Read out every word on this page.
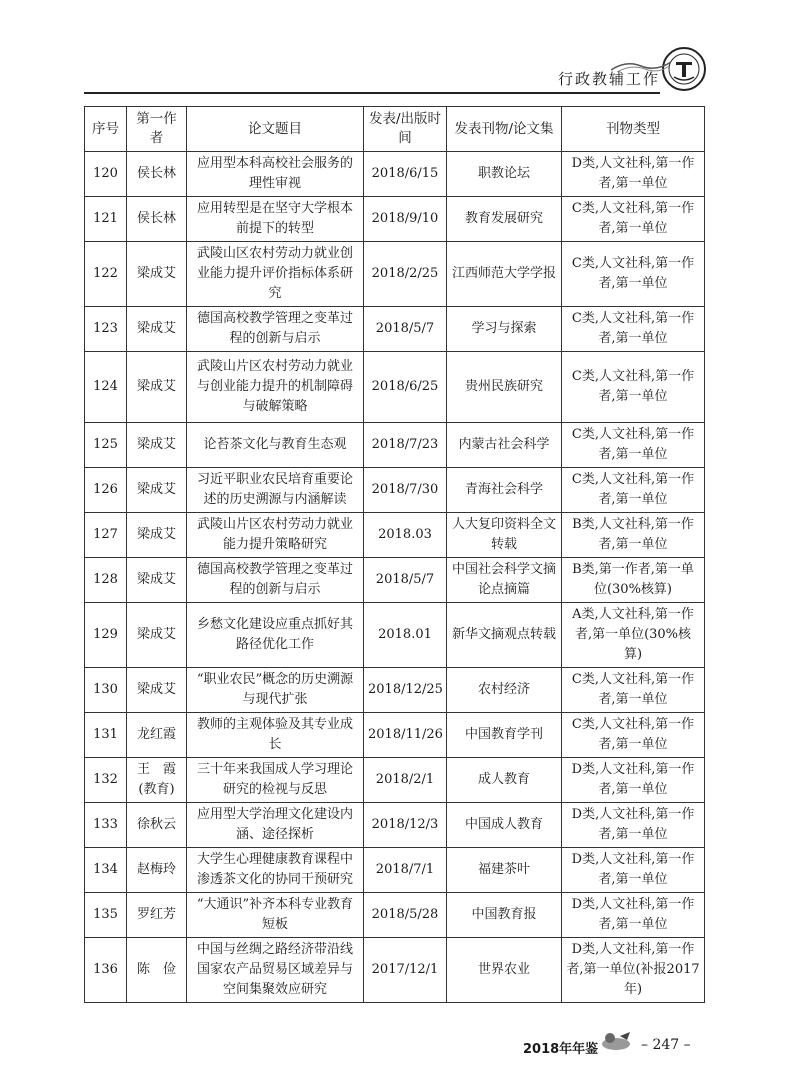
行政教辅工作
序号	第一作者	论文题目	发表/出版时间	发表刊物/论文集	刊物类型
120	侯长林	应用型本科高校社会服务的理性审视	2018/6/15	职教论坛	D类,人文社科,第一作者,第一单位
121	侯长林	应用转型是在坚守大学根本前提下的转型	2018/9/10	教育发展研究	C类,人文社科,第一作者,第一单位
122	梁成艾	武陵山区农村劳动力就业创业能力提升评价指标体系研究	2018/2/25	江西师范大学学报	C类,人文社科,第一作者,第一单位
123	梁成艾	德国高校教学管理之变革过程的创新与启示	2018/5/7	学习与探索	C类,人文社科,第一作者,第一单位
124	梁成艾	武陵山片区农村劳动力就业与创业能力提升的机制障碍与破解策略	2018/6/25	贵州民族研究	C类,人文社科,第一作者,第一单位
125	梁成艾	论苔茶文化与教育生态观	2018/7/23	内蒙古社会科学	C类,人文社科,第一作者,第一单位
126	梁成艾	习近平职业农民培育重要论述的历史溯源与内涵解读	2018/7/30	青海社会科学	C类,人文社科,第一作者,第一单位
127	梁成艾	武陵山片区农村劳动力就业能力提升策略研究	2018.03	人大复印资料全文转载	B类,人文社科,第一作者,第一单位
128	梁成艾	德国高校教学管理之变革过程的创新与启示	2018/5/7	中国社会科学文摘论点摘篇	B类,第一作者,第一单位(30%核算)
129	梁成艾	乡愁文化建设应重点抓好其路径优化工作	2018.01	新华文摘观点转载	A类,人文社科,第一作者,第一单位(30%核算)
130	梁成艾	“职业农民”概念的历史溯源与现代扩张	2018/12/25	农村经济	C类,人文社科,第一作者,第一单位
131	龙红霞	教师的主观体验及其专业成长	2018/11/26	中国教育学刊	C类,人文社科,第一作者,第一单位
132	王　霞(教育)	三十年来我国成人学习理论研究的检视与反思	2018/2/1	成人教育	D类,人文社科,第一作者,第一单位
133	徐秋云	应用型大学治理文化建设内涵、途径探析	2018/12/3	中国成人教育	D类,人文社科,第一作者,第一单位
134	赵梅玲	大学生心理健康教育课程中渗透茶文化的协同干预研究	2018/7/1	福建茶叶	D类,人文社科,第一作者,第一单位
135	罗红芳	“大通识”补齐本科专业教育短板	2018/5/28	中国教育报	D类,人文社科,第一作者,第一单位
136	陈　俭	中国与丝绸之路经济带沿线国家农产品贸易区域差异与空间集聚效应研究	2017/12/1	世界农业	D类,人文社科,第一作者,第一单位(补报2017年)
2018年年鉴	– 247 –
